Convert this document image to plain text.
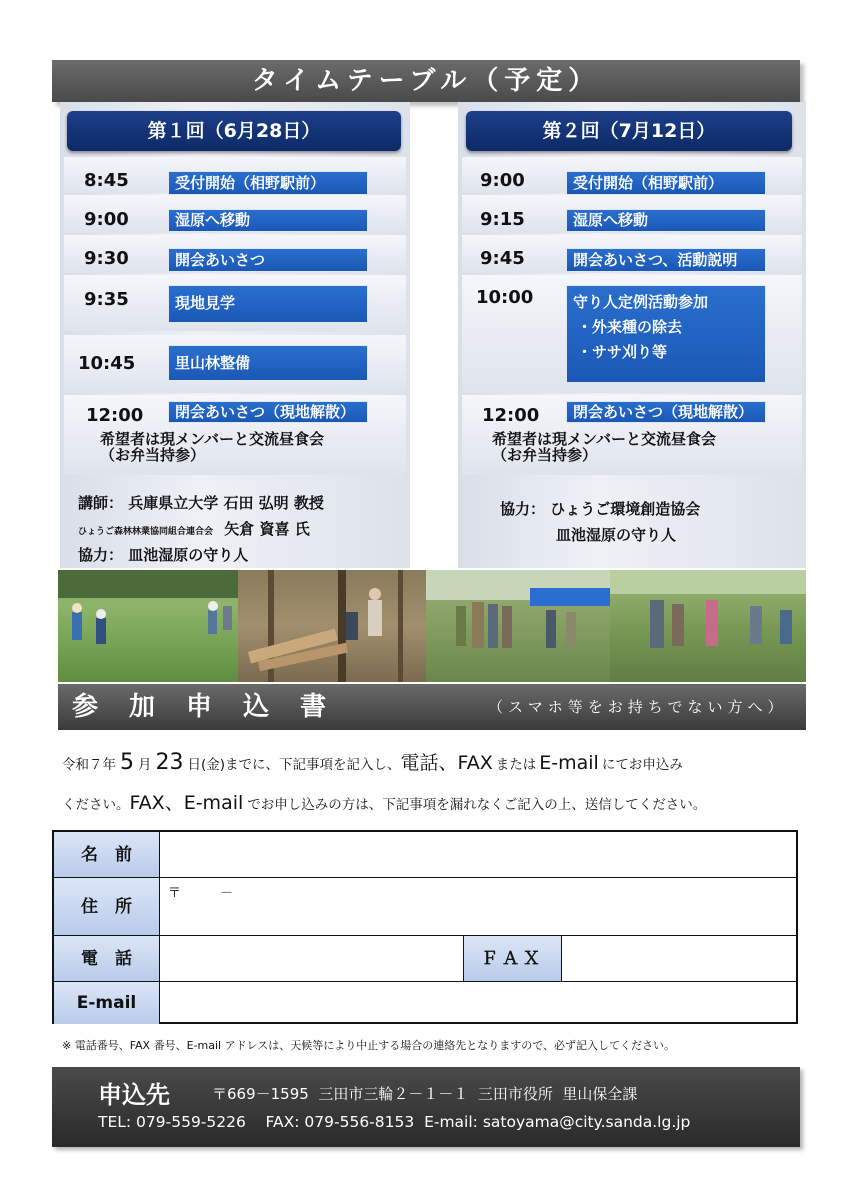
タイムテーブル（予定）
第１回（6月28日）
8:45	受付開始（相野駅前）
9:00	湿原へ移動
9:30	開会あいさつ
9:35	現地見学
10:45	里山林整備
12:00 閉会あいさつ（現地解散）
希望者は現メンバーと交流昼食会
（お弁当持参）
講師： 兵庫県立大学 石田 弘明 教授
ひょうご森林林業協同組合連合会 矢倉 資喜 氏
協力： 皿池湿原の守り人
第２回（7月12日）
9:00	受付開始（相野駅前）
9:15	湿原へ移動
9:45	開会あいさつ、活動説明
10:00	守り人定例活動参加
・外来種の除去
・ササ刈り等
12:00 閉会あいさつ（現地解散）
希望者は現メンバーと交流昼食会
（お弁当持参）
協力： ひょうご環境創造協会
皿池湿原の守り人
参加申込書	（スマホ等をお持ちでない方へ）
令和７年 5 月 23 日(金)までに、下記事項を記入し、電話、FAX または E-mail にてお申込み
ください。FAX、E-mail でお申し込みの方は、下記事項を漏れなくご記入の上、送信してください。
名　前
住　所
〒　　　－
電　話	ＦＡＸ
E-mail
※ 電話番号、FAX 番号、E-mail アドレスは、天候等により中止する場合の連絡先となりますので、必ず記入してください。
申込先	〒669－1595  三田市三輪２－１－１  三田市役所  里山保全課
TEL: 079-559-5226    FAX: 079-556-8153  E-mail: satoyama@city.sanda.lg.jp
